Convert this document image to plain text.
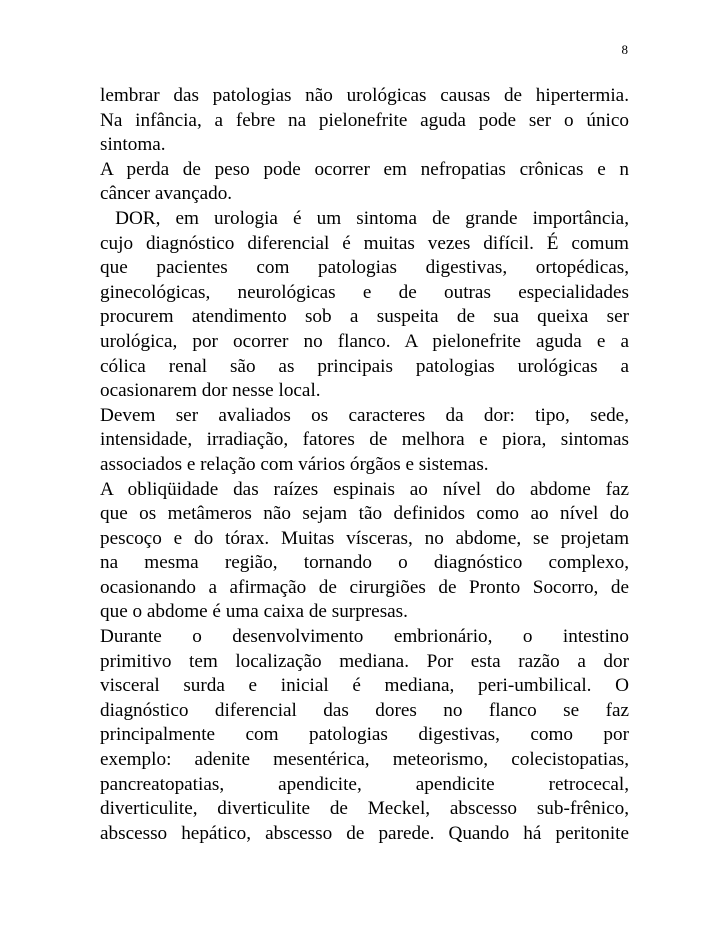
8

lembrar das patologias não urológicas causas de hipertermia.

Na infância, a febre na pielonefrite aguda pode ser o único

sintoma.

A perda de peso pode ocorrer em nefropatias crônicas e n

câncer avançado.

DOR, em urologia é um sintoma de grande importância,

cujo diagnóstico diferencial é muitas vezes difícil. É comum

que pacientes com patologias digestivas, ortopédicas,

ginecológicas, neurológicas e de outras especialidades

procurem atendimento sob a suspeita de sua queixa ser

urológica, por ocorrer no flanco. A pielonefrite aguda e a

cólica renal são as principais patologias urológicas a

ocasionarem dor nesse local.

Devem ser avaliados os caracteres da dor: tipo, sede,

intensidade, irradiação, fatores de melhora e piora, sintomas

associados e relação com vários órgãos e sistemas.

A obliqüidade das raízes espinais ao nível do abdome faz

que os metâmeros não sejam tão definidos como ao nível do

pescoço e do tórax. Muitas vísceras, no abdome, se projetam

na mesma região, tornando o diagnóstico complexo,

ocasionando a afirmação de cirurgiões de Pronto Socorro, de

que o abdome é uma caixa de surpresas.

Durante o desenvolvimento embrionário, o intestino

primitivo tem localização mediana. Por esta razão a dor

visceral surda e inicial é mediana, peri-umbilical. O

diagnóstico diferencial das dores no flanco se faz

principalmente com patologias digestivas, como por

exemplo: adenite mesentérica, meteorismo, colecistopatias,

pancreatopatias, apendicite, apendicite retrocecal,

diverticulite, diverticulite de Meckel, abscesso sub-frênico,

abscesso hepático, abscesso de parede. Quando há peritonite
